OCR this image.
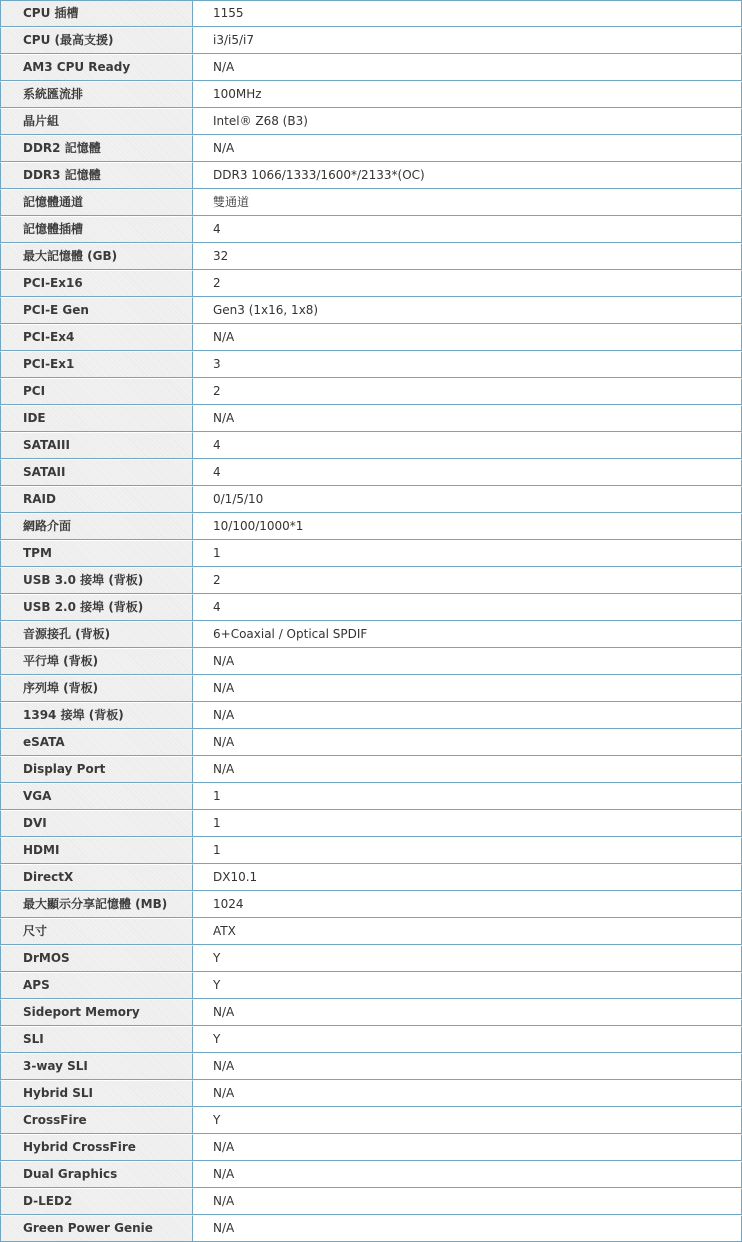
CPU 插槽	1155
CPU (最高支援)	i3/i5/i7
AM3 CPU Ready	N/A
系統匯流排	100MHz
晶片組	Intel® Z68 (B3)
DDR2 記憶體	N/A
DDR3 記憶體	DDR3 1066/1333/1600*/2133*(OC)
記憶體通道	雙通道
記憶體插槽	4
最大記憶體 (GB)	32
PCI-Ex16	2
PCI-E Gen	Gen3 (1x16, 1x8)
PCI-Ex4	N/A
PCI-Ex1	3
PCI	2
IDE	N/A
SATAIII	4
SATAII	4
RAID	0/1/5/10
網路介面	10/100/1000*1
TPM	1
USB 3.0 接埠 (背板)	2
USB 2.0 接埠 (背板)	4
音源接孔 (背板)	6+Coaxial / Optical SPDIF
平行埠 (背板)	N/A
序列埠 (背板)	N/A
1394 接埠 (背板)	N/A
eSATA	N/A
Display Port	N/A
VGA	1
DVI	1
HDMI	1
DirectX	DX10.1
最大顯示分享記憶體 (MB)	1024
尺寸	ATX
DrMOS	Y
APS	Y
Sideport Memory	N/A
SLI	Y
3-way SLI	N/A
Hybrid SLI	N/A
CrossFire	Y
Hybrid CrossFire	N/A
Dual Graphics	N/A
D-LED2	N/A
Green Power Genie	N/A
